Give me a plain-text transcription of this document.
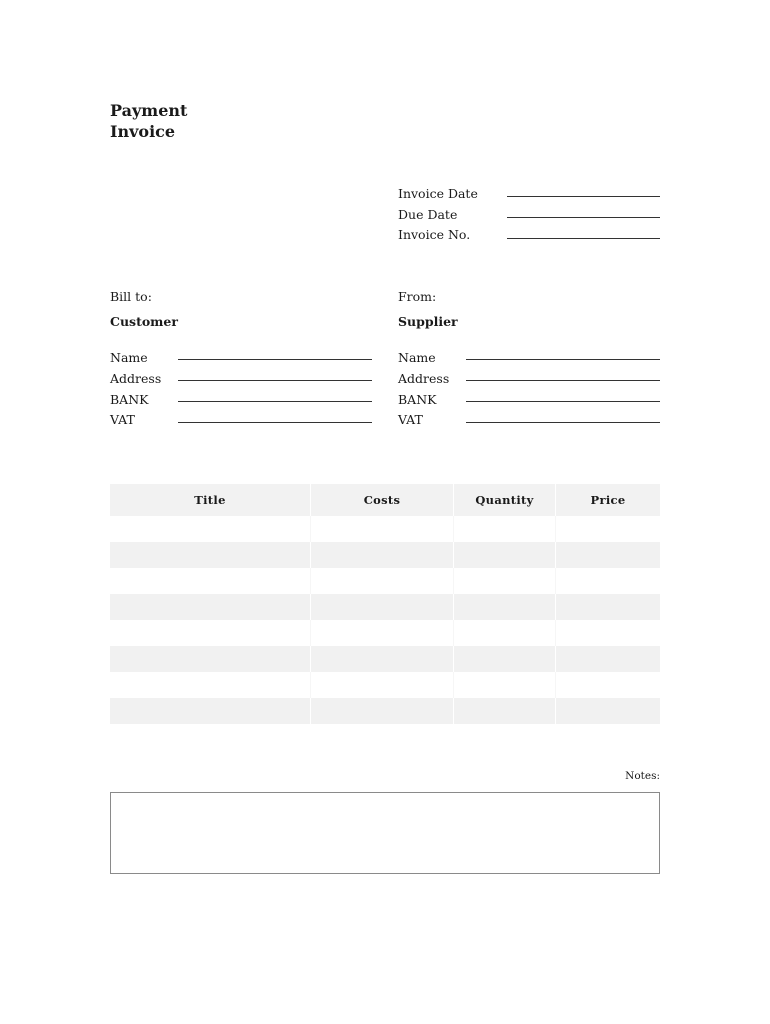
Payment
Invoice
Invoice Date
Due Date
Invoice No.
Bill to:
Customer
Name
Address
BANK
VAT
From:
Supplier
Name
Address
BANK
VAT
Title	Costs	Quantity	Price
Notes:
